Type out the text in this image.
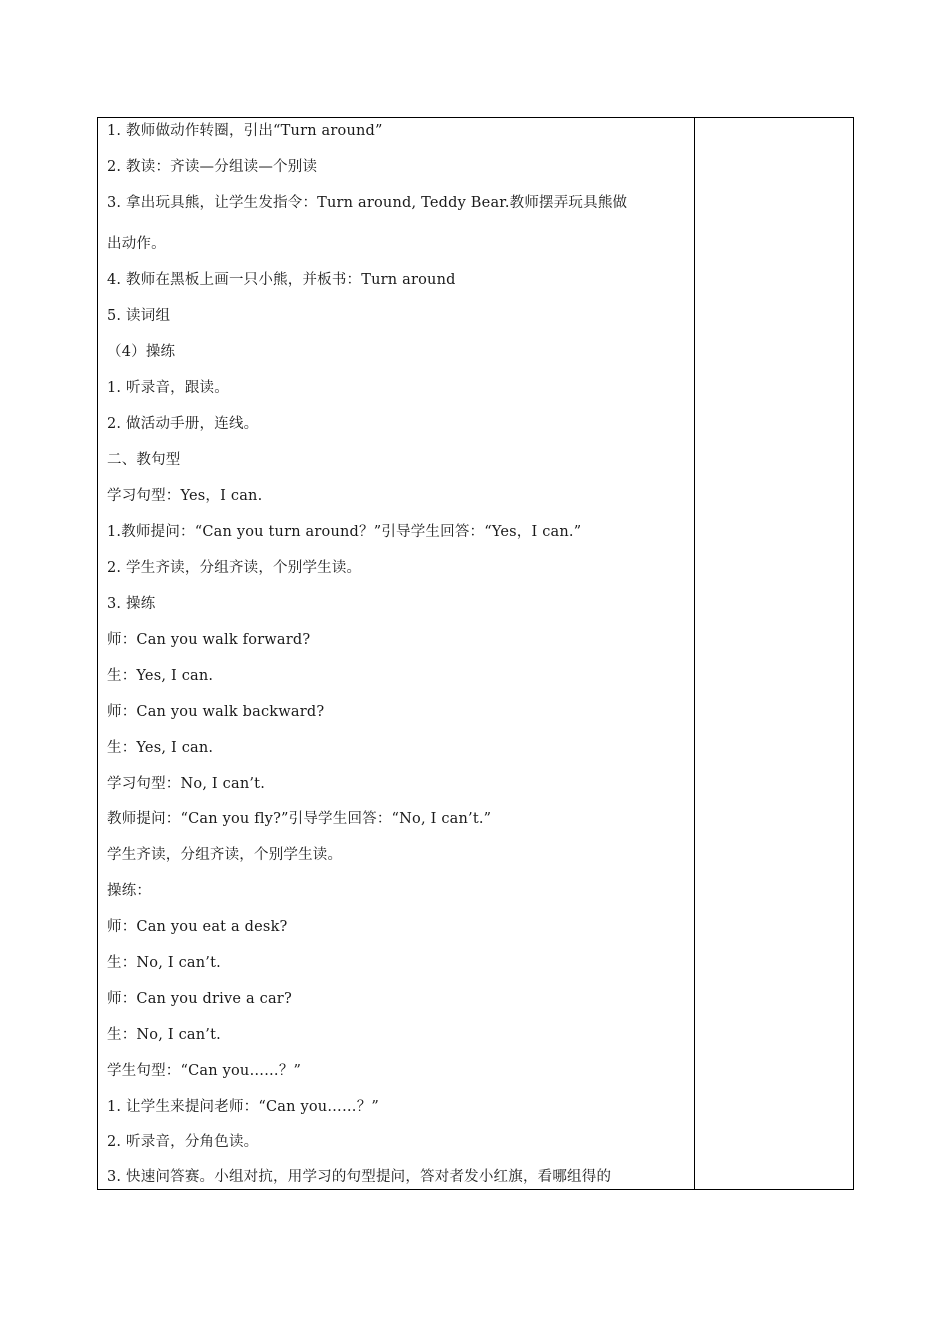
1. 教师做动作转圈，引出“Turn around”
2. 教读：齐读—分组读—个别读
3. 拿出玩具熊，让学生发指令：Turn around, Teddy Bear.教师摆弄玩具熊做
出动作。
4. 教师在黑板上画一只小熊，并板书：Turn around
5. 读词组
（4）操练
1. 听录音，跟读。
2. 做活动手册，连线。
二、教句型
学习句型：Yes，I can.
1.教师提问：“Can you turn around？”引导学生回答：“Yes，I can.”
2. 学生齐读，分组齐读，个别学生读。
3. 操练
师：Can you walk forward?
生：Yes, I can.
师：Can you walk backward?
生：Yes, I can.
学习句型：No, I can’t.
教师提问：“Can you fly?”引导学生回答：“No, I can’t.”
学生齐读，分组齐读，个别学生读。
操练：
师：Can you eat a desk?
生：No, I can’t.
师：Can you drive a car?
生：No, I can’t.
学生句型：“Can you……？”
1. 让学生来提问老师：“Can you……？”
2. 听录音，分角色读。
3. 快速问答赛。小组对抗，用学习的句型提问，答对者发小红旗，看哪组得的
